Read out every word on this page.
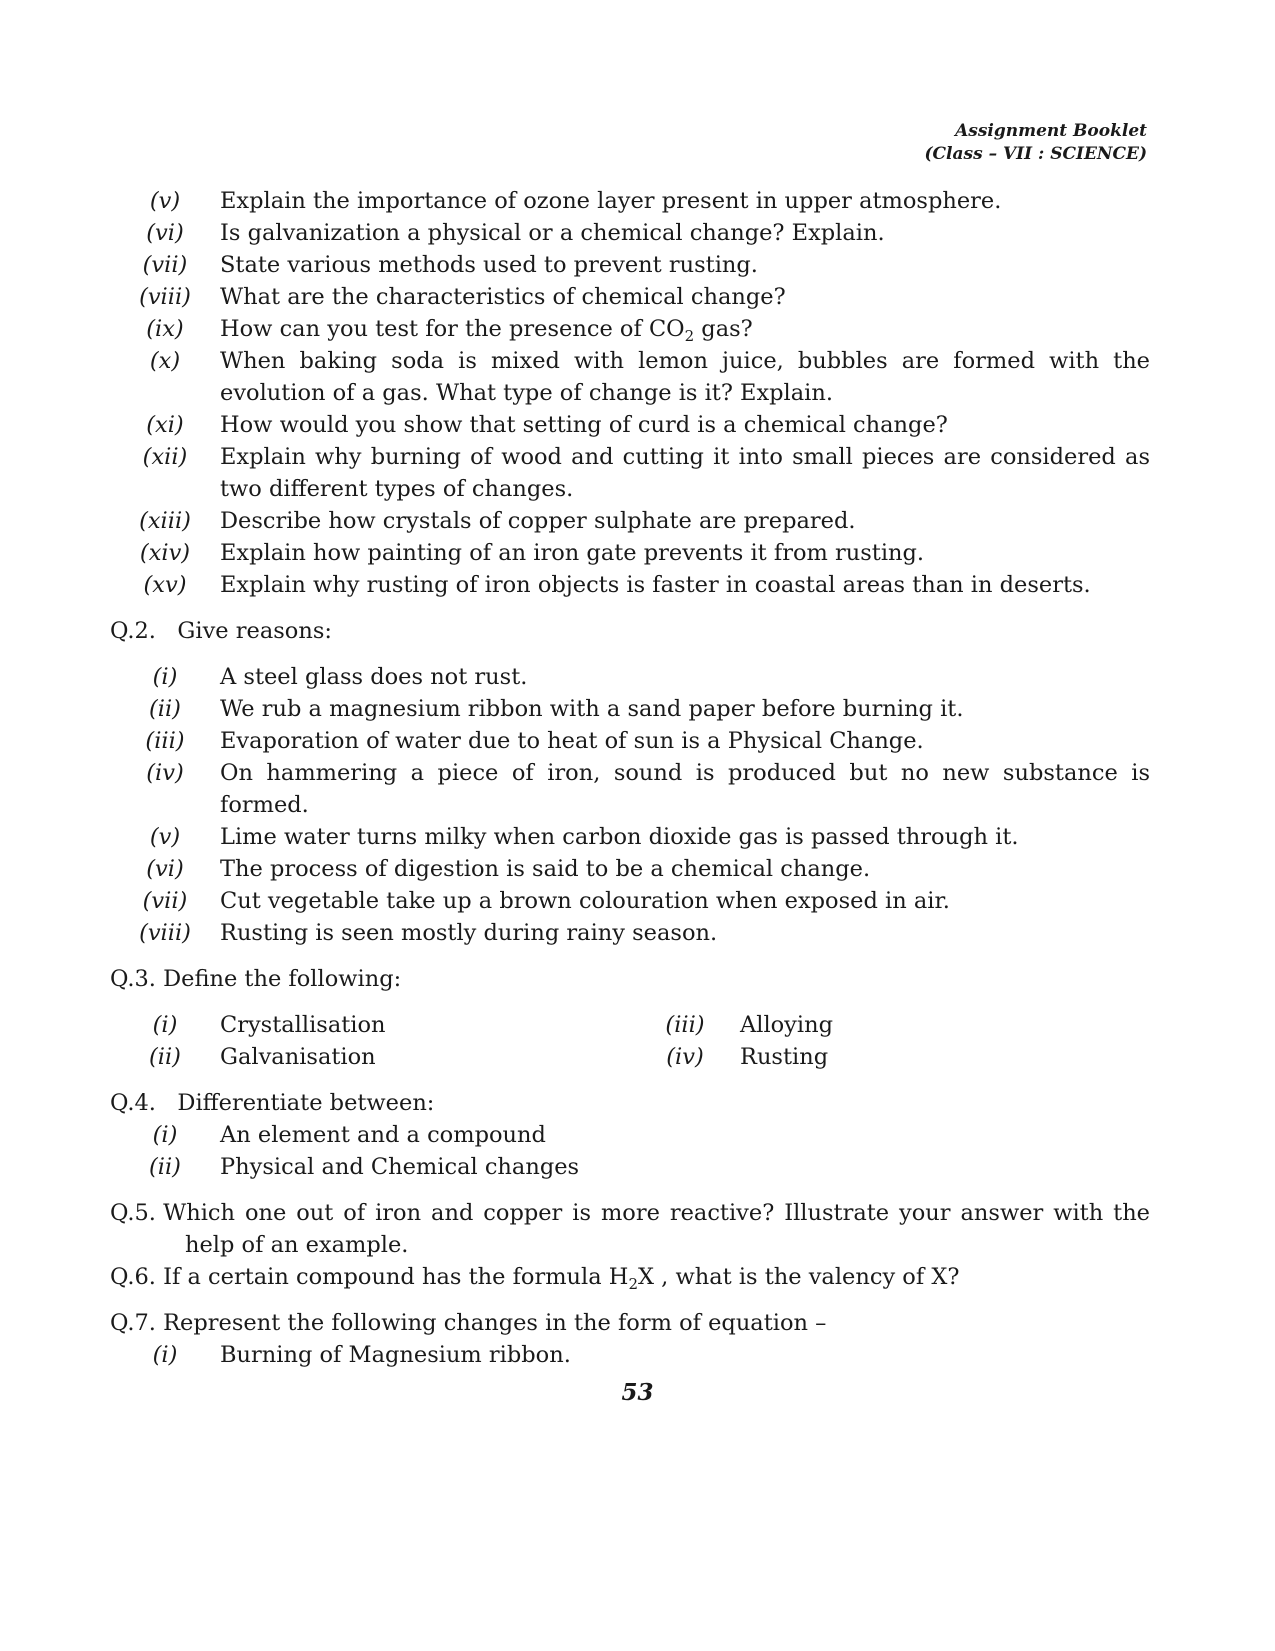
Assignment Booklet
(Class – VII : SCIENCE)
(v)	Explain the importance of ozone layer present in upper atmosphere.
(vi)	Is galvanization a physical or a chemical change? Explain.
(vii)	State various methods used to prevent rusting.
(viii)	What are the characteristics of chemical change?
(ix)	How can you test for the presence of $CO_2$ gas?
(x)	When baking soda is mixed with lemon juice, bubbles are formed with the evolution of a gas. What type of change is it? Explain.
(xi)	How would you show that setting of curd is a chemical change?
(xii)	Explain why burning of wood and cutting it into small pieces are considered as two different types of changes.
(xiii)	Describe how crystals of copper sulphate are prepared.
(xiv)	Explain how painting of an iron gate prevents it from rusting.
(xv)	Explain why rusting of iron objects is faster in coastal areas than in deserts.
Q.2. Give reasons:
(i)	A steel glass does not rust.
(ii)	We rub a magnesium ribbon with a sand paper before burning it.
(iii)	Evaporation of water due to heat of sun is a Physical Change.
(iv)	On hammering a piece of iron, sound is produced but no new substance is formed.
(v)	Lime water turns milky when carbon dioxide gas is passed through it.
(vi)	The process of digestion is said to be a chemical change.
(vii)	Cut vegetable take up a brown colouration when exposed in air.
(viii)	Rusting is seen mostly during rainy season.
Q.3. Define the following:
(i)	Crystallisation
(ii)	Galvanisation
(iii)	Alloying
(iv)	Rusting
Q.4. Differentiate between:
(i)	An element and a compound
(ii)	Physical and Chemical changes
Q.5. Which one out of iron and copper is more reactive? Illustrate your answer with the
help of an example.
Q.6. If a certain compound has the formula $H_2X$ , what is the valency of X?
Q.7. Represent the following changes in the form of equation –
(i)	Burning of Magnesium ribbon.
53
